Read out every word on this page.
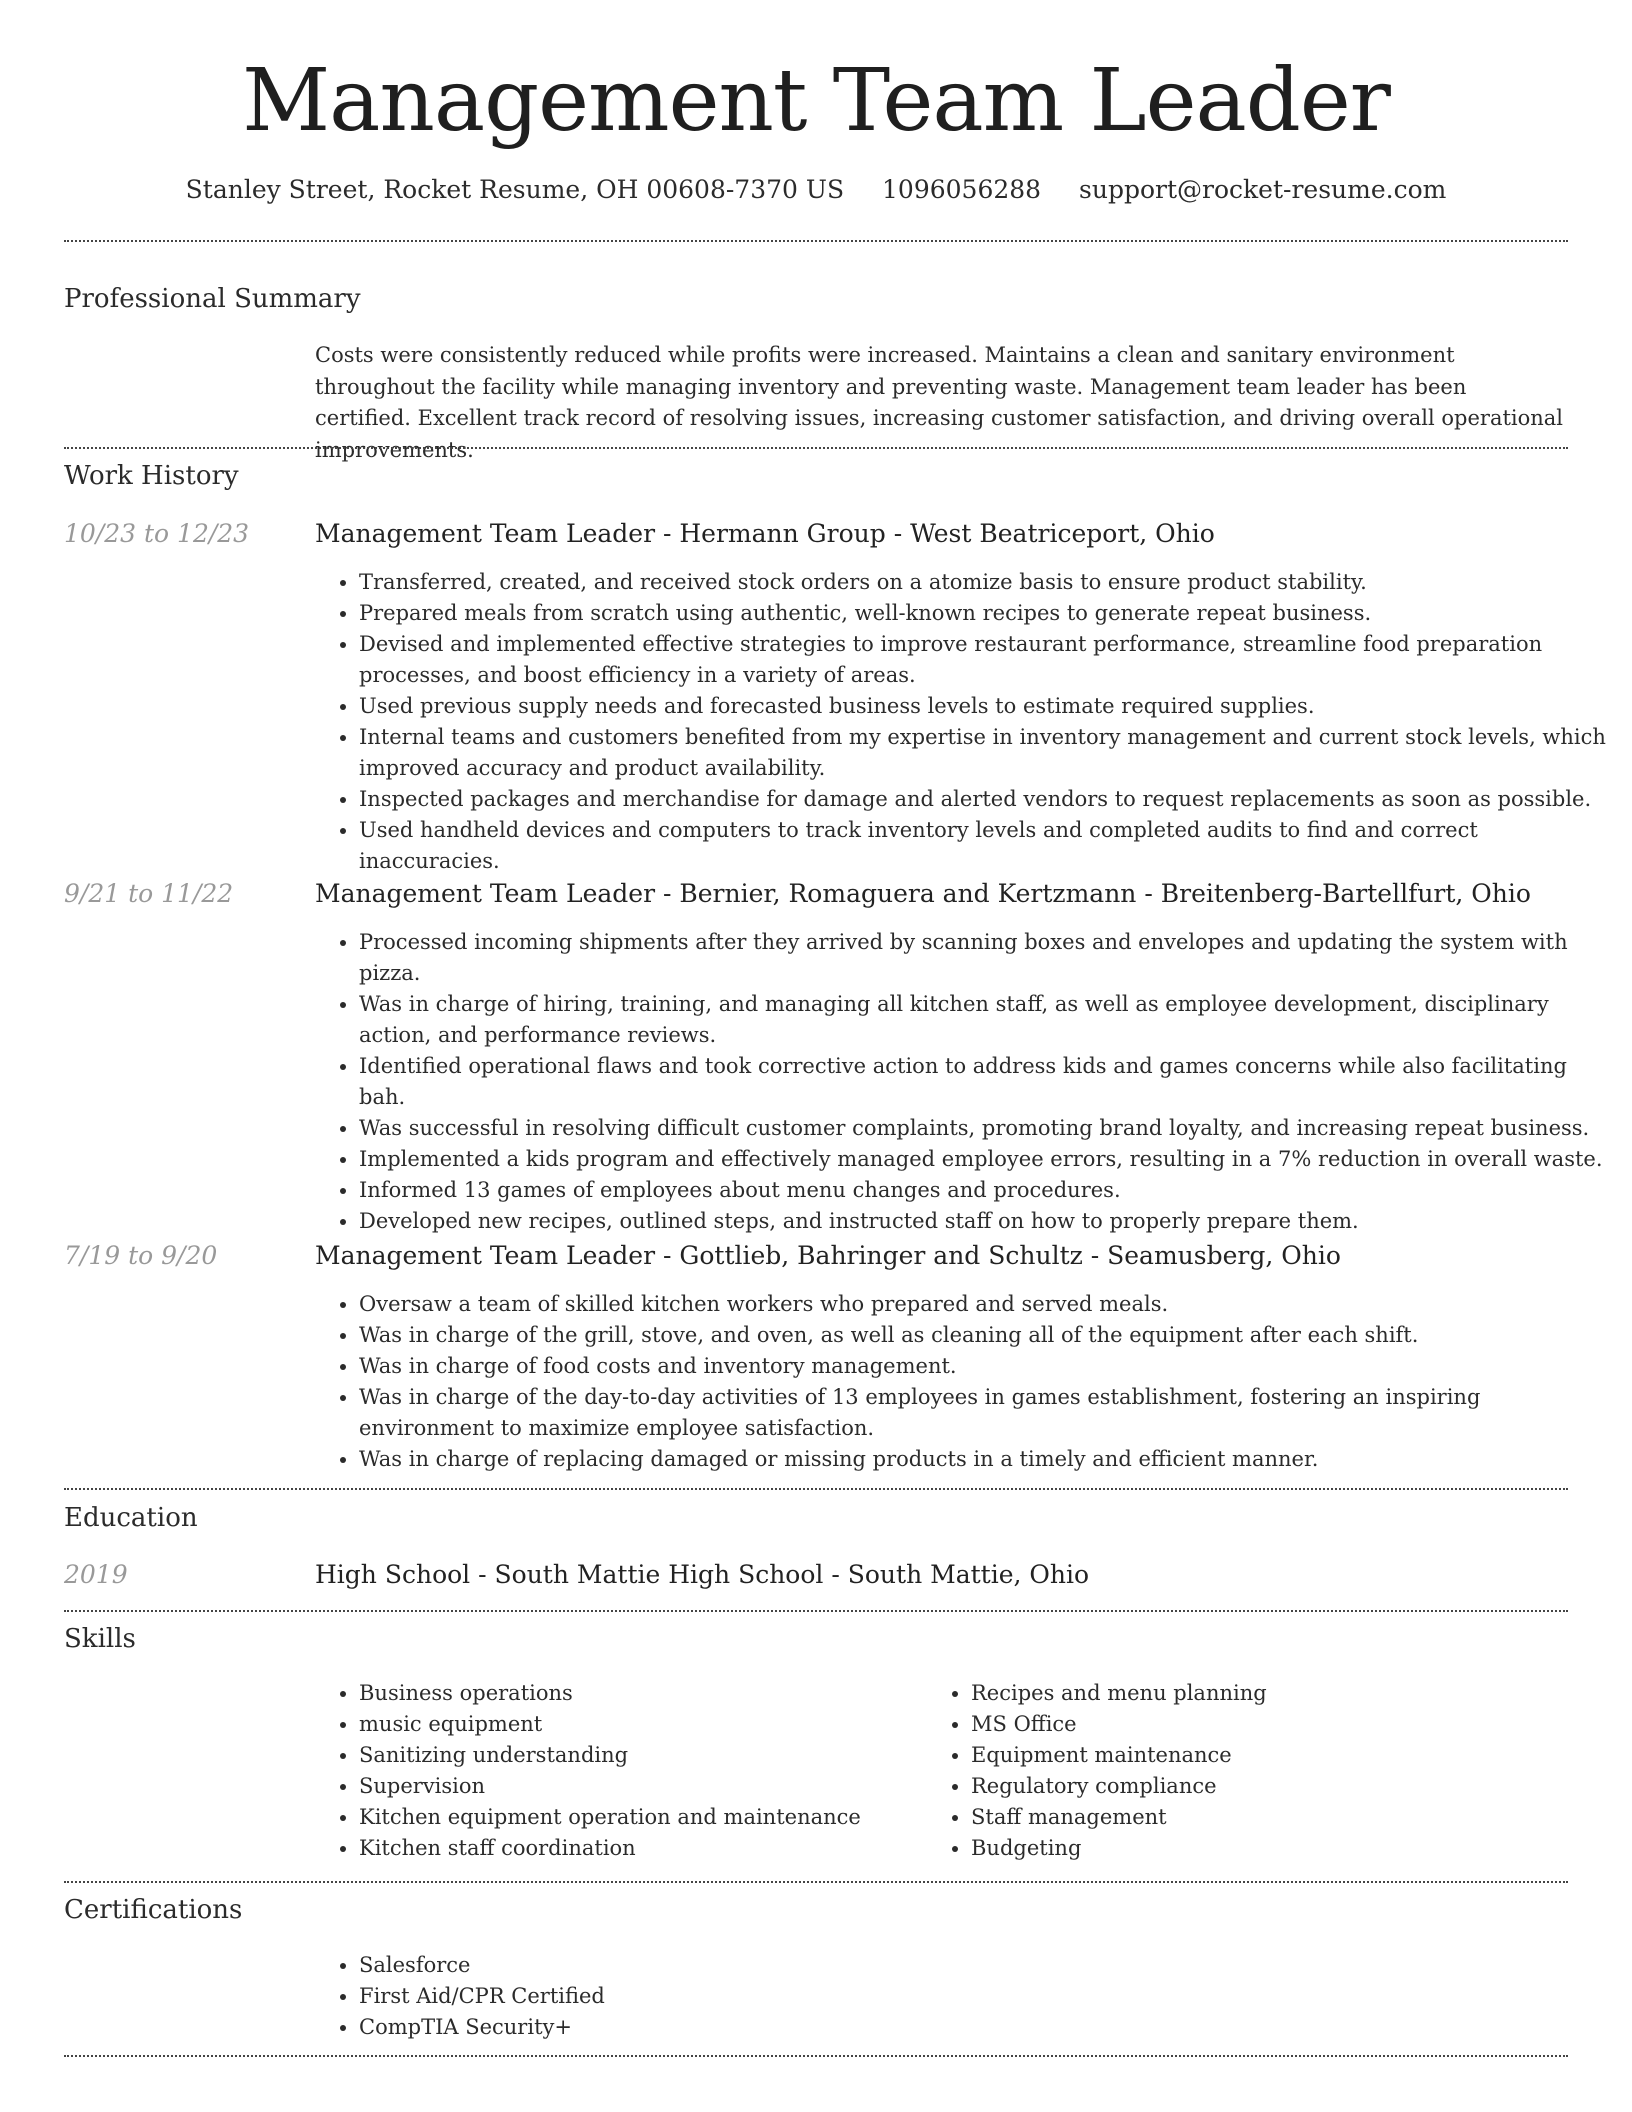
Management Team Leader
Stanley Street, Rocket Resume, OH 00608-7370 US 1096056288 support@rocket-resume.com
Professional Summary
Costs were consistently reduced while profits were increased. Maintains a clean and sanitary environment throughout the facility while managing inventory and preventing waste. Management team leader has been certified. Excellent track record of resolving issues, increasing customer satisfaction, and driving overall operational improvements.
Work History
10/23 to 12/23	Management Team Leader - Hermann Group - West Beatriceport, Ohio
• Transferred, created, and received stock orders on a atomize basis to ensure product stability.
• Prepared meals from scratch using authentic, well-known recipes to generate repeat business.
• Devised and implemented effective strategies to improve restaurant performance, streamline food preparation processes, and boost efficiency in a variety of areas.
• Used previous supply needs and forecasted business levels to estimate required supplies.
• Internal teams and customers benefited from my expertise in inventory management and current stock levels, which improved accuracy and product availability.
• Inspected packages and merchandise for damage and alerted vendors to request replacements as soon as possible.
• Used handheld devices and computers to track inventory levels and completed audits to find and correct inaccuracies.
9/21 to 11/22	Management Team Leader - Bernier, Romaguera and Kertzmann - Breitenberg-Bartellfurt, Ohio
• Processed incoming shipments after they arrived by scanning boxes and envelopes and updating the system with pizza.
• Was in charge of hiring, training, and managing all kitchen staff, as well as employee development, disciplinary action, and performance reviews.
• Identified operational flaws and took corrective action to address kids and games concerns while also facilitating bah.
• Was successful in resolving difficult customer complaints, promoting brand loyalty, and increasing repeat business.
• Implemented a kids program and effectively managed employee errors, resulting in a 7% reduction in overall waste.
• Informed 13 games of employees about menu changes and procedures.
• Developed new recipes, outlined steps, and instructed staff on how to properly prepare them.
7/19 to 9/20	Management Team Leader - Gottlieb, Bahringer and Schultz - Seamusberg, Ohio
• Oversaw a team of skilled kitchen workers who prepared and served meals.
• Was in charge of the grill, stove, and oven, as well as cleaning all of the equipment after each shift.
• Was in charge of food costs and inventory management.
• Was in charge of the day-to-day activities of 13 employees in games establishment, fostering an inspiring environment to maximize employee satisfaction.
• Was in charge of replacing damaged or missing products in a timely and efficient manner.
Education
2019	High School - South Mattie High School - South Mattie, Ohio
Skills
• Business operations
• music equipment
• Sanitizing understanding
• Supervision
• Kitchen equipment operation and maintenance
• Kitchen staff coordination
• Recipes and menu planning
• MS Office
• Equipment maintenance
• Regulatory compliance
• Staff management
• Budgeting
Certifications
• Salesforce
• First Aid/CPR Certified
• CompTIA Security+
